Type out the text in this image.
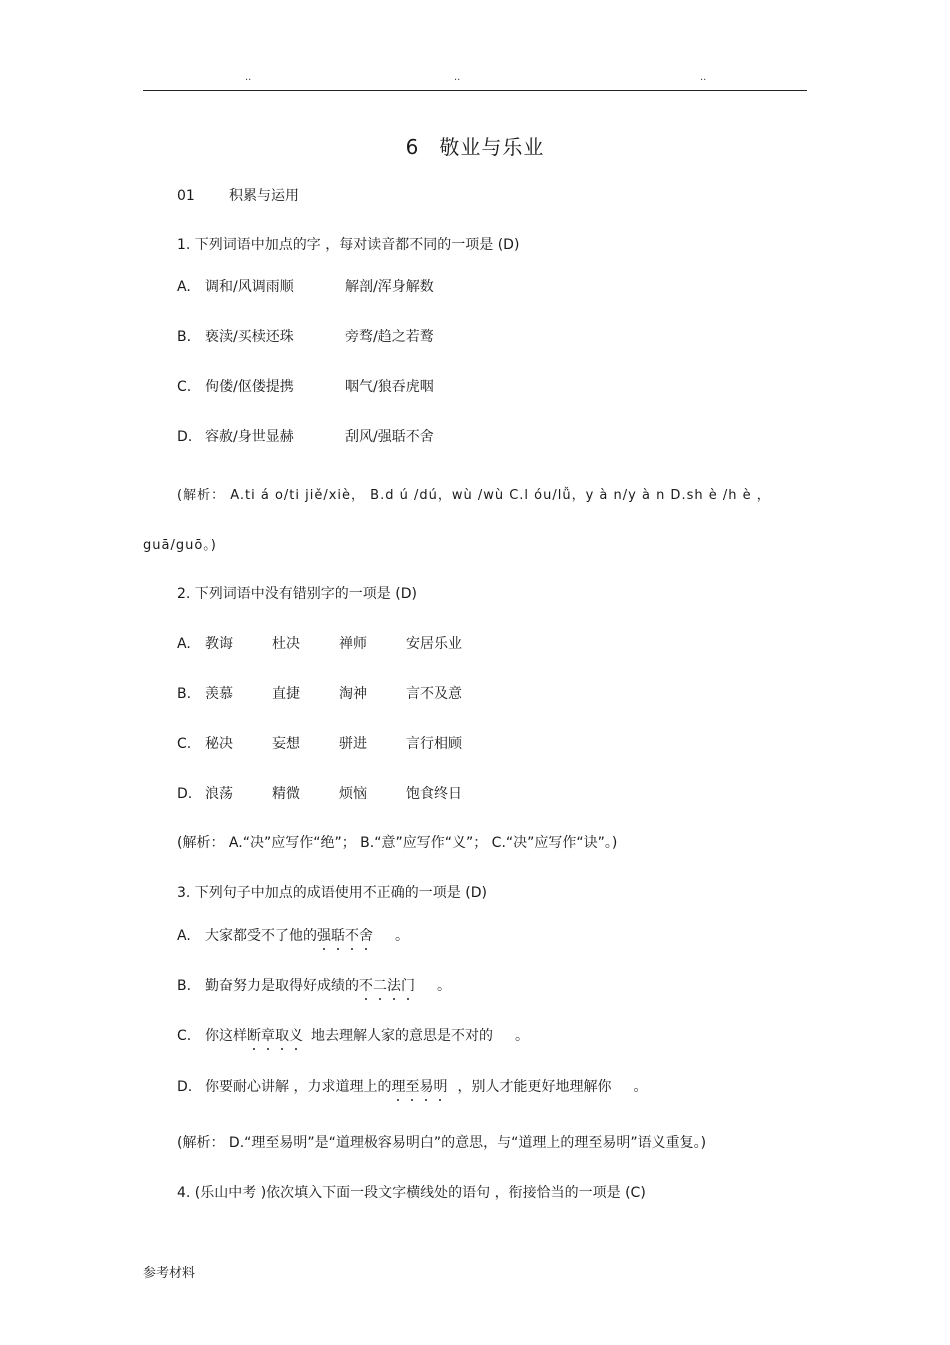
..	..	..
6 敬业与乐业
01 积累与运用
1. 下列词语中加点的字 ，每对读音都不同的一项是 (D)
A. 调和/风调雨顺	解剖/浑身解数
B. 亵渎/买椟还珠	旁骛/趋之若鹜
C. 佝偻/伛偻提携	咽气/狼吞虎咽
D. 容赦/身世显赫	刮风/强聒不舍
(解析： A.ti á o/ti jiě/xiè， B.d ú /dú，wù /wù C.l óu/lǚ，y à n/y à n D.sh è /h è ，
guā/guō。)
2. 下列词语中没有错别字的一项是 (D)
A. 教诲	杜决	禅师	安居乐业
B. 羡慕	直捷	淘神	言不及意
C. 秘决	妄想	骈进	言行相顾
D. 浪荡	精微	烦恼	饱食终日
(解析： A.“决”应写作“绝”； B.“意”应写作“义”； C.“决”应写作“诀”。)
3. 下列句子中加点的成语使用不正确的一项是 (D)
A. 大家都受不了他的强聒不舍 。
B. 勤奋努力是取得好成绩的不二法门 。
C. 你这样断章取义 地去理解人家的意思是不对的 。
D. 你要耐心讲解 ，力求道理上的理至易明 ，别人才能更好地理解你 。
(解析： D.“理至易明”是“道理极容易明白”的意思，与“道理上的理至易明”语义重复。)
4. (乐山中考 )依次填入下面一段文字横线处的语句 ，衔接恰当的一项是 (C)
参考材料
